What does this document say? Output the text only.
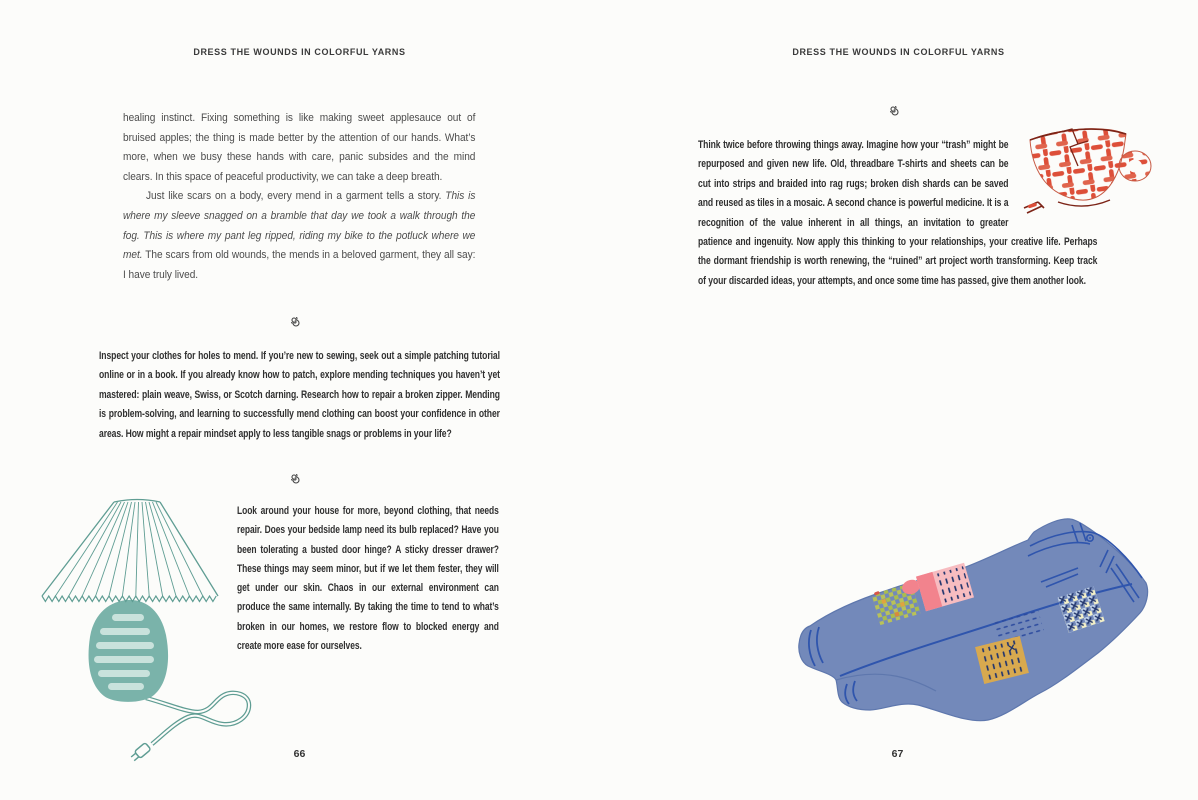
DRESS THE WOUNDS IN COLORFUL YARNS	DRESS THE WOUNDS IN COLORFUL YARNS

healing instinct. Fixing something is like making sweet applesauce out of bruised apples; the thing is made better by the attention of our hands. What’s more, when we busy these hands with care, panic subsides and the mind clears. In this space of peaceful productivity, we can take a deep breath.

Just like scars on a body, every mend in a garment tells a story. This is where my sleeve snagged on a bramble that day we took a walk through the fog. This is where my pant leg ripped, riding my bike to the potluck where we met. The scars from old wounds, the mends in a beloved garment, they all say: I have truly lived.

Inspect your clothes for holes to mend. If you’re new to sewing, seek out a simple patching tutorial online or in a book. If you already know how to patch, explore mending techniques you haven’t yet mastered: plain weave, Swiss, or Scotch darning. Research how to repair a broken zipper. Mending is problem-solving, and learning to successfully mend clothing can boost your confidence in other areas. How might a repair mindset apply to less tangible snags or problems in your life?
Look around your house for more, beyond clothing, that needs repair. Does your bedside lamp need its bulb replaced? Have you been tolerating a busted door hinge? A sticky dresser drawer? These things may seem minor, but if we let them fester, they will get under our skin. Chaos in our external environment can produce the same internally. By taking the time to tend to what’s broken in our homes, we restore flow to blocked energy and create more ease for ourselves.
Think twice before throwing things away. Imagine how your “trash” might be repurposed and given new life. Old, threadbare T-shirts and sheets can be cut into strips and braided into rag rugs; broken dish shards can be saved and reused as tiles in a mosaic. A second chance is powerful medicine. It is a recognition of the value inherent in all things, an invitation to greater patience and ingenuity. Now apply this thinking to your relationships, your creative life. Perhaps the dormant friendship is worth renewing, the “ruined” art project worth transforming. Keep track of your discarded ideas, your attempts, and once some time has passed, give them another look.
66	67
